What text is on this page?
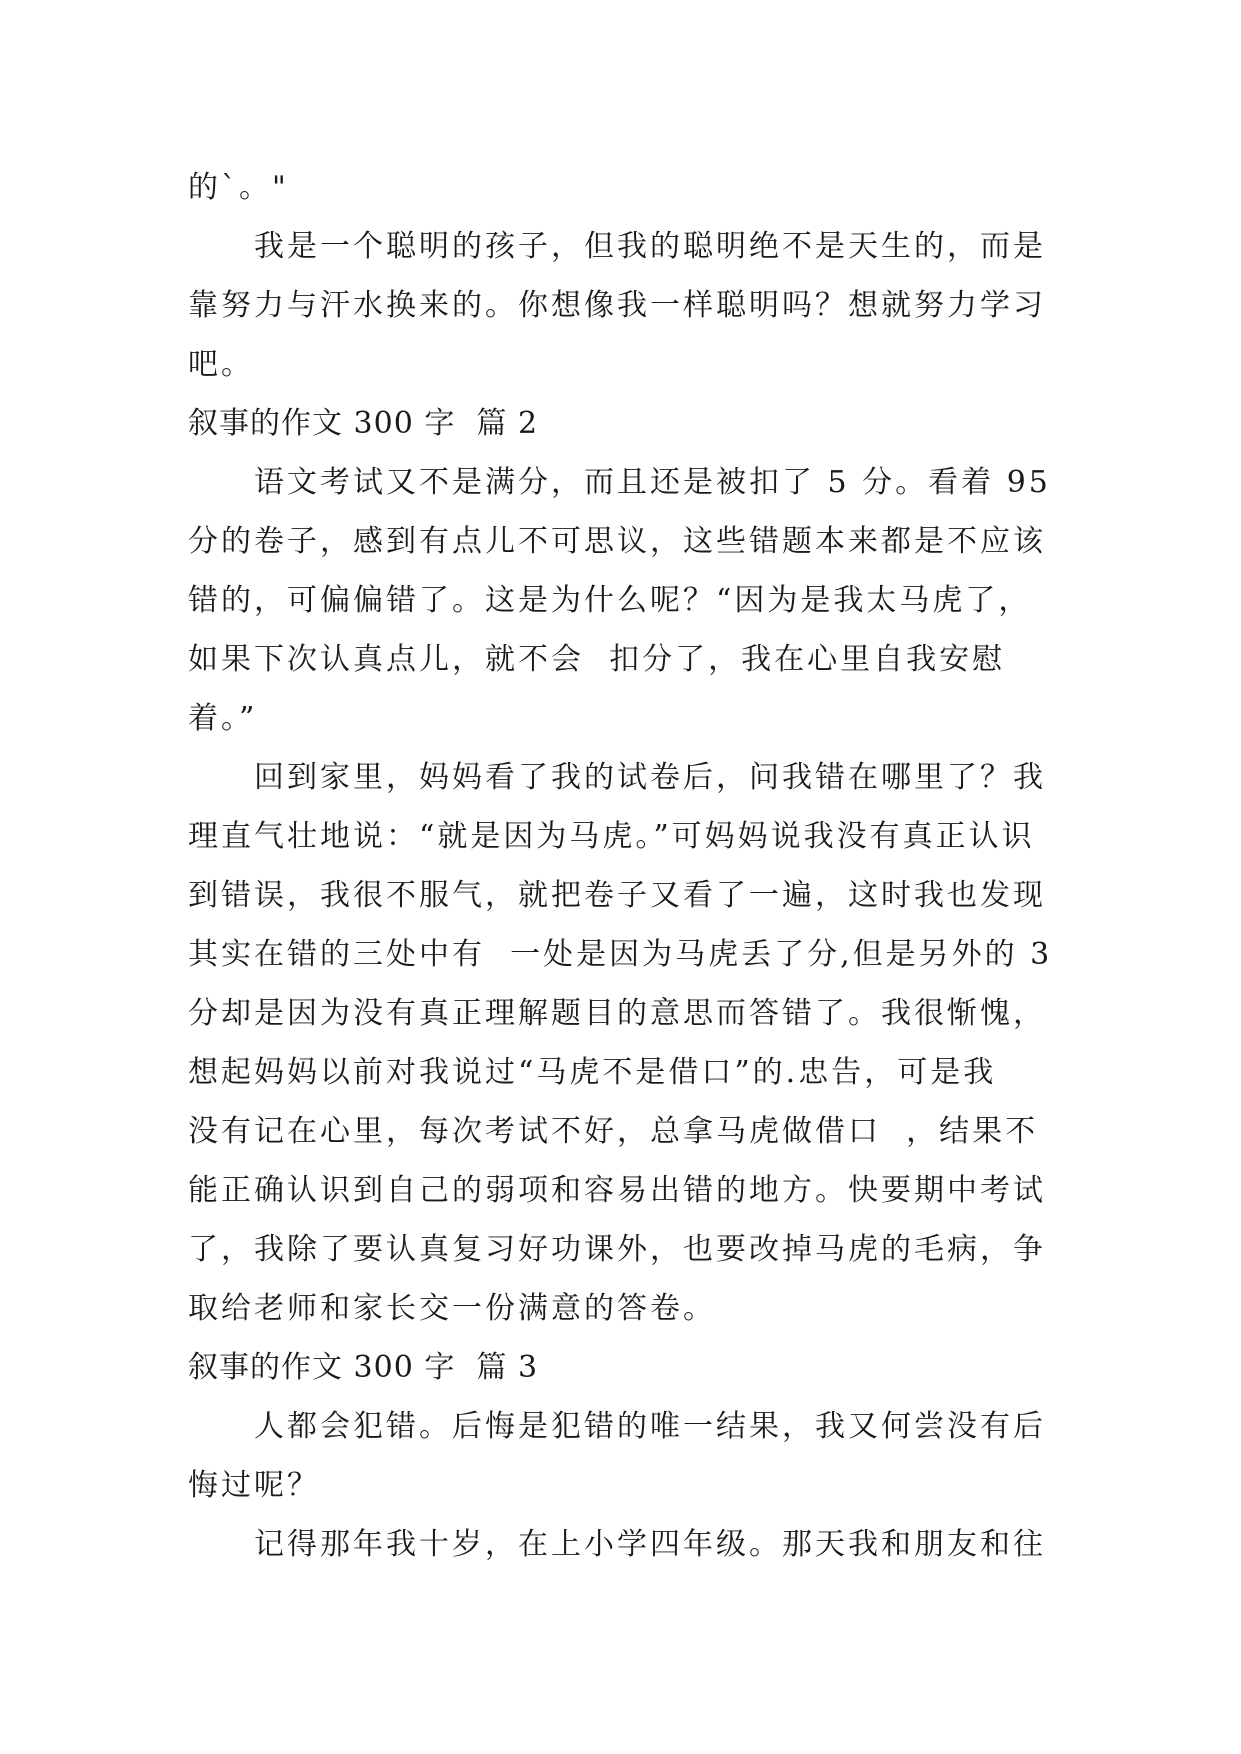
的`。"

我是一个聪明的孩子，但我的聪明绝不是天生的，而是

靠努力与汗水换来的。你想像我一样聪明吗？想就努力学习

吧。

叙事的作文 300 字  篇 2

语文考试又不是满分，而且还是被扣了 5 分。看着 95

分的卷子，感到有点儿不可思议，这些错题本来都是不应该

错的，可偏偏错了。这是为什么呢？“因为是我太马虎了，

如果下次认真点儿，就不会  扣分了，我在心里自我安慰

着。”

回到家里，妈妈看了我的试卷后，问我错在哪里了？我

理直气壮地说：“就是因为马虎。”可妈妈说我没有真正认识

到错误，我很不服气，就把卷子又看了一遍，这时我也发现

其实在错的三处中有  一处是因为马虎丢了分,但是另外的 3

分却是因为没有真正理解题目的意思而答错了。我很惭愧，

想起妈妈以前对我说过“马虎不是借口”的.忠告，可是我

没有记在心里，每次考试不好，总拿马虎做借口  ，结果不

能正确认识到自己的弱项和容易出错的地方。快要期中考试

了，我除了要认真复习好功课外，也要改掉马虎的毛病，争

取给老师和家长交一份满意的答卷。

叙事的作文 300 字  篇 3

人都会犯错。后悔是犯错的唯一结果，我又何尝没有后

悔过呢？

记得那年我十岁，在上小学四年级。那天我和朋友和往
